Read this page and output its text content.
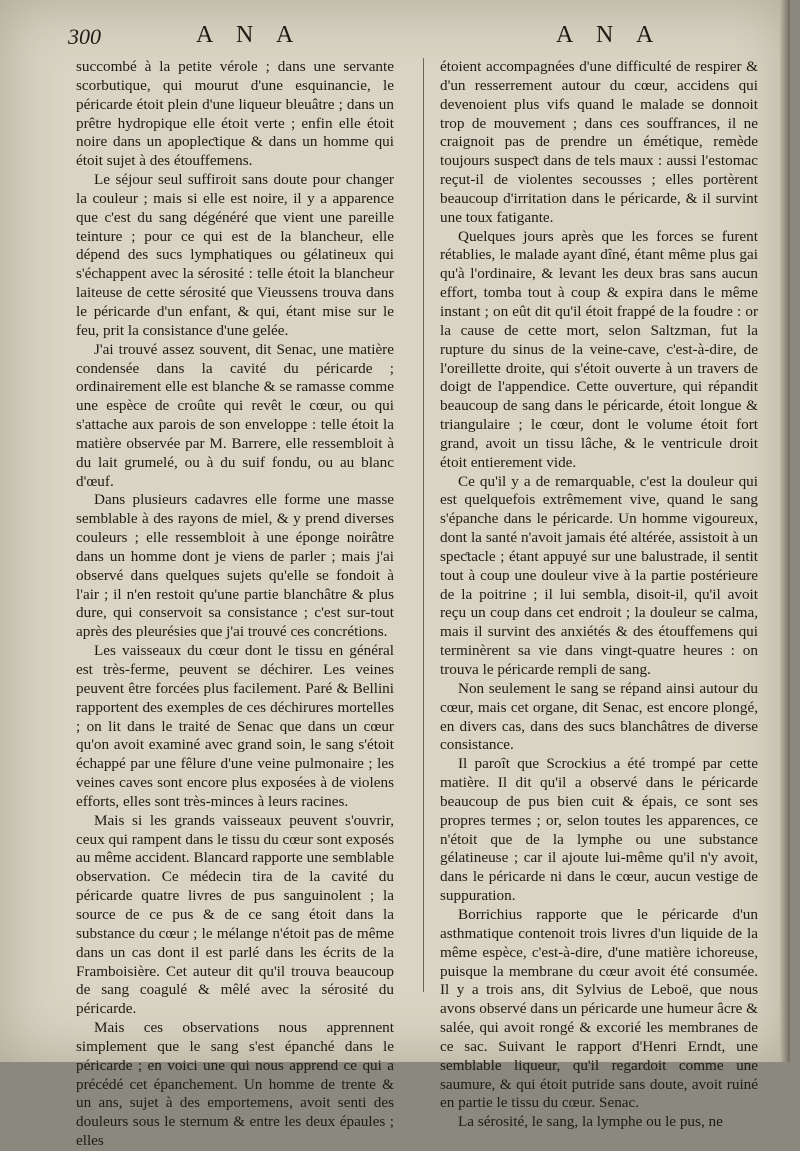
300	A N A	A N A

succombé à la petite vérole ; dans une servante scorbutique, qui mourut d'une esquinancie, le péricarde étoit plein d'une liqueur bleuâtre ; dans un prêtre hydropique elle étoit verte ; enfin elle étoit noire dans un apopleƈtique & dans un homme qui étoit sujet à des étouffemens.

Le séjour seul suffiroit sans doute pour changer la couleur ; mais si elle est noire, il y a apparence que c'est du sang dégénéré que vient une pareille teinture ; pour ce qui est de la blancheur, elle dépend des sucs lymphatiques ou gélatineux qui s'échappent avec la sérosité : telle étoit la blancheur laiteuse de cette sérosité que Vieussens trouva dans le péricarde d'un enfant, & qui, étant mise sur le feu, prit la consistance d'une gelée.

J'ai trouvé assez souvent, dit Senac, une matière condensée dans la cavité du péricarde ; ordinairement elle est blanche & se ramasse comme une espèce de croûte qui revêt le cœur, ou qui s'attache aux parois de son enveloppe : telle étoit la matière observée par M. Barrere, elle ressembloit à du lait grumelé, ou à du suif fondu, ou au blanc d'œuf.

Dans plusieurs cadavres elle forme une masse semblable à des rayons de miel, & y prend diverses couleurs ; elle ressembloit à une éponge noirâtre dans un homme dont je viens de parler ; mais j'ai observé dans quelques sujets qu'elle se fondoit à l'air ; il n'en restoit qu'une partie blanchâtre & plus dure, qui conservoit sa consistance ; c'est sur-tout après des pleurésies que j'ai trouvé ces concrétions.

Les vaisseaux du cœur dont le tissu en général est très-ferme, peuvent se déchirer. Les veines peuvent être forcées plus facilement. Paré & Bellini rapportent des exemples de ces déchirures mortelles ; on lit dans le traité de Senac que dans un cœur qu'on avoit examiné avec grand soin, le sang s'étoit échappé par une fêlure d'une veine pulmonaire ; les veines caves sont encore plus exposées à de violens efforts, elles sont très-minces à leurs racines.

Mais si les grands vaisseaux peuvent s'ouvrir, ceux qui rampent dans le tissu du cœur sont exposés au même accident. Blancard rapporte une semblable observation. Ce médecin tira de la cavité du péricarde quatre livres de pus sanguinolent ; la source de ce pus & de ce sang étoit dans la substance du cœur ; le mélange n'étoit pas de même dans un cas dont il est parlé dans les écrits de la Framboisière. Cet auteur dit qu'il trouva beaucoup de sang coagulé & mêlé avec la sérosité du péricarde.

Mais ces observations nous apprennent simplement que le sang s'est épanché dans le péricarde ; en voici une qui nous apprend ce qui a précédé cet épanchement. Un homme de trente & un ans, sujet à des emportemens, avoit senti des douleurs sous le sternum & entre les deux épaules ; elles

étoient accompagnées d'une difficulté de respirer & d'un resserrement autour du cœur, accidens qui devenoient plus vifs quand le malade se donnoit trop de mouvement ; dans ces souffrances, il ne craignoit pas de prendre un émétique, remède toujours suspeƈt dans de tels maux : aussi l'estomac reçut-il de violentes secousses ; elles portèrent beaucoup d'irritation dans le péricarde, & il survint une toux fatigante.

Quelques jours après que les forces se furent rétablies, le malade ayant dîné, étant même plus gai qu'à l'ordinaire, & levant les deux bras sans aucun effort, tomba tout à coup & expira dans le même instant ; on eût dit qu'il étoit frappé de la foudre : or la cause de cette mort, selon Saltzman, fut la rupture du sinus de la veine-cave, c'est-à-dire, de l'oreillette droite, qui s'étoit ouverte à un travers de doigt de l'appendice. Cette ouverture, qui répandit beaucoup de sang dans le péricarde, étoit longue & triangulaire ; le cœur, dont le volume étoit fort grand, avoit un tissu lâche, & le ventricule droit étoit entierement vide.

Ce qu'il y a de remarquable, c'est la douleur qui est quelquefois extrêmement vive, quand le sang s'épanche dans le péricarde. Un homme vigoureux, dont la santé n'avoit jamais été altérée, assistoit à un speƈtacle ; étant appuyé sur une balustrade, il sentit tout à coup une douleur vive à la partie postérieure de la poitrine ; il lui sembla, disoit-il, qu'il avoit reçu un coup dans cet endroit ; la douleur se calma, mais il survint des anxiétés & des étouffemens qui terminèrent sa vie dans vingt-quatre heures : on trouva le péricarde rempli de sang.

Non seulement le sang se répand ainsi autour du cœur, mais cet organe, dit Senac, est encore plongé, en divers cas, dans des sucs blanchâtres de diverse consistance.

Il paroît que Scrockius a été trompé par cette matière. Il dit qu'il a observé dans le péricarde beaucoup de pus bien cuit & épais, ce sont ses propres termes ; or, selon toutes les apparences, ce n'étoit que de la lymphe ou une substance gélatineuse ; car il ajoute lui-même qu'il n'y avoit, dans le péricarde ni dans le cœur, aucun vestige de suppuration.

Borrichius rapporte que le péricarde d'un asthmatique contenoit trois livres d'un liquide de la même espèce, c'est-à-dire, d'une matière ichoreuse, puisque la membrane du cœur avoit été consumée. Il y a trois ans, dit Sylvius de Leboë, que nous avons observé dans un péricarde une humeur âcre & salée, qui avoit rongé & excorié les membranes de ce sac. Suivant le rapport d'Henri Erndt, une semblable liqueur, qu'il regardoit comme une saumure, & qui étoit putride sans doute, avoit ruiné en partie le tissu du cœur. Senac.

La sérosité, le sang, la lymphe ou le pus, ne
